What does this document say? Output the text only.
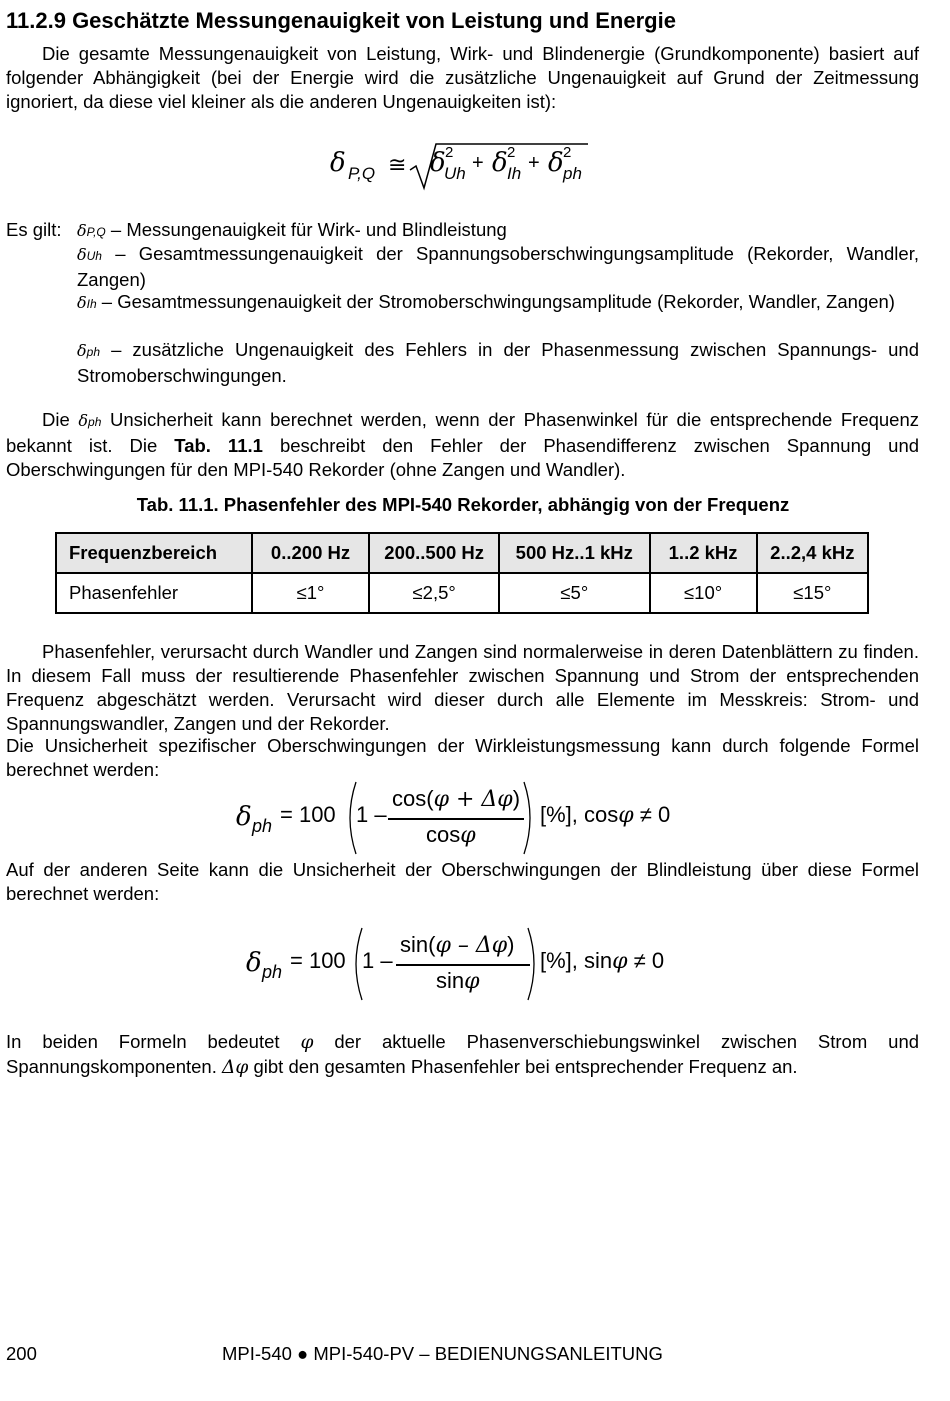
11.2.9 Geschätzte Messungenauigkeit von Leistung und Energie
Die gesamte Messungenauigkeit von Leistung, Wirk- und Blindenergie (Grundkomponente) basiert auf folgender Abhängigkeit (bei der Energie wird die zusätzliche Ungenauigkeit auf Grund der Zeitmessung ignoriert, da diese viel kleiner als die anderen Ungenauigkeiten ist):
δ P,Q ≅ δ 2
Uh + δ 2
Ih + δ 2
ph
Es gilt: δP,Q – Messungenauigkeit für Wirk- und Blindleistung
δUh – Gesamtmessungenauigkeit der Spannungsoberschwingungsamplitude (Rekorder, Wandler, Zangen)
δIh – Gesamtmessungenauigkeit der Stromoberschwingungsamplitude (Rekorder, Wandler, Zangen)
δph – zusätzliche Ungenauigkeit des Fehlers in der Phasenmessung zwischen Spannungs- und Stromoberschwingungen.
Die δph Unsicherheit kann berechnet werden, wenn der Phasenwinkel für die entsprechende Frequenz bekannt ist. Die Tab. 11.1 beschreibt den Fehler der Phasendifferenz zwischen Spannung und Oberschwingungen für den MPI-540 Rekorder (ohne Zangen und Wandler).
Tab. 11.1. Phasenfehler des MPI-540 Rekorder, abhängig von der Frequenz
Frequenzbereich	0..200 Hz	200..500 Hz	500 Hz..1 kHz	1..2 kHz	2..2,4 kHz
Phasenfehler	≤1°	≤2,5°	≤5°	≤10°	≤15°
Phasenfehler, verursacht durch Wandler und Zangen sind normalerweise in deren Datenblättern zu finden. In diesem Fall muss der resultierende Phasenfehler zwischen Spannung und Strom der entsprechenden Frequenz abgeschätzt werden. Verursacht wird dieser durch alle Elemente im Messkreis: Strom- und Spannungswandler, Zangen und der Rekorder.
Die Unsicherheit spezifischer Oberschwingungen der Wirkleistungsmessung kann durch folgende Formel berechnet werden:
δ ph = 100 1 –
cos(φ + Δφ)
cosφ
[%], cosφ ≠ 0
Auf der anderen Seite kann die Unsicherheit der Oberschwingungen der Blindleistung über diese Formel berechnet werden:
δ ph = 100 1 –
sin(φ – Δφ)
sinφ
[%], sinφ ≠ 0
In beiden Formeln bedeutet φ der aktuelle Phasenverschiebungswinkel zwischen Strom und Spannungskomponenten. Δφ gibt den gesamten Phasenfehler bei entsprechender Frequenz an.
200	MPI-540 ● MPI-540-PV – BEDIENUNGSANLEITUNG
